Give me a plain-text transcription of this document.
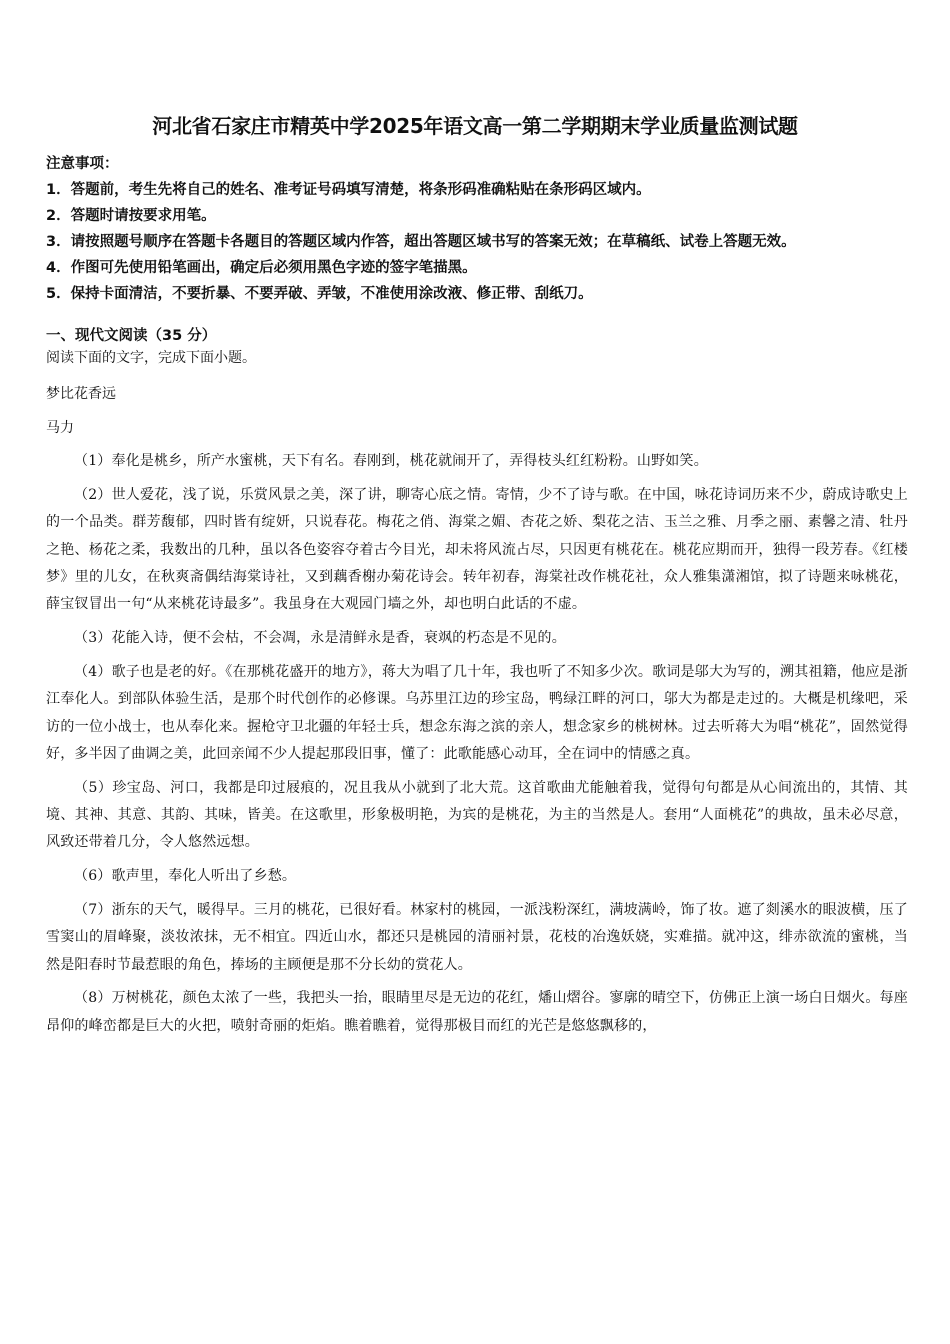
河北省石家庄市精英中学2025年语文高一第二学期期末学业质量监测试题
注意事项：
1．答题前，考生先将自己的姓名、准考证号码填写清楚，将条形码准确粘贴在条形码区域内。
2．答题时请按要求用笔。
3．请按照题号顺序在答题卡各题目的答题区域内作答，超出答题区域书写的答案无效；在草稿纸、试卷上答题无效。
4．作图可先使用铅笔画出，确定后必须用黑色字迹的签字笔描黑。
5．保持卡面清洁，不要折暴、不要弄破、弄皱，不准使用涂改液、修正带、刮纸刀。
一、现代文阅读（35 分）
阅读下面的文字，完成下面小题。
梦比花香远
马力

（1）奉化是桃乡，所产水蜜桃，天下有名。春刚到，桃花就闹开了，弄得枝头红红粉粉。山野如笑。

（2）世人爱花，浅了说，乐赏风景之美，深了讲，聊寄心底之情。寄情，少不了诗与歌。在中国，咏花诗词历来不少，蔚成诗歌史上的一个品类。群芳馥郁，四时皆有绽妍，只说春花。梅花之俏、海棠之媚、杏花之娇、梨花之洁、玉兰之雅、月季之丽、素馨之清、牡丹之艳、杨花之柔，我数出的几种，虽以各色姿容夺着古今目光，却未将风流占尽，只因更有桃花在。桃花应期而开，独得一段芳春。《红楼梦》里的儿女，在秋爽斋偶结海棠诗社，又到藕香榭办菊花诗会。转年初春，海棠社改作桃花社，众人雅集潇湘馆，拟了诗题来咏桃花，薛宝钗冒出一句“从来桃花诗最多”。我虽身在大观园门墙之外，却也明白此话的不虚。

（3）花能入诗，便不会枯，不会凋，永是清鲜永是香，衰飒的朽态是不见的。

（4）歌子也是老的好。《在那桃花盛开的地方》，蒋大为唱了几十年，我也听了不知多少次。歌词是邬大为写的，溯其祖籍，他应是浙江奉化人。到部队体验生活，是那个时代创作的必修课。乌苏里江边的珍宝岛，鸭绿江畔的河口，邬大为都是走过的。大概是机缘吧，采访的一位小战士，也从奉化来。握枪守卫北疆的年轻士兵，想念东海之滨的亲人，想念家乡的桃树林。过去听蒋大为唱“桃花”，固然觉得好，多半因了曲调之美，此回亲闻不少人提起那段旧事，懂了：此歌能感心动耳，全在词中的情感之真。

（5）珍宝岛、河口，我都是印过屐痕的，况且我从小就到了北大荒。这首歌曲尤能触着我，觉得句句都是从心间流出的，其情、其境、其神、其意、其韵、其味，皆美。在这歌里，形象极明艳，为宾的是桃花，为主的当然是人。套用“人面桃花”的典故，虽未必尽意，风致还带着几分，令人悠然远想。

（6）歌声里，奉化人听出了乡愁。

（7）浙东的天气，暖得早。三月的桃花，已很好看。林家村的桃园，一派浅粉深红，满坡满岭，饰了妆。遮了剡溪水的眼波横，压了雪窦山的眉峰聚，淡妆浓抹，无不相宜。四近山水，都还只是桃园的清丽衬景，花枝的冶逸妖娆，实难描。就冲这，绯赤欲流的蜜桃，当然是阳春时节最惹眼的角色，捧场的主顾便是那不分长幼的赏花人。

（8）万树桃花，颜色太浓了一些，我把头一抬，眼睛里尽是无边的花红，燔山熠谷。寥廓的晴空下，仿佛正上演一场白日烟火。每座昂仰的峰峦都是巨大的火把，喷射奇丽的炬焰。瞧着瞧着，觉得那极目而红的光芒是悠悠飘移的，
